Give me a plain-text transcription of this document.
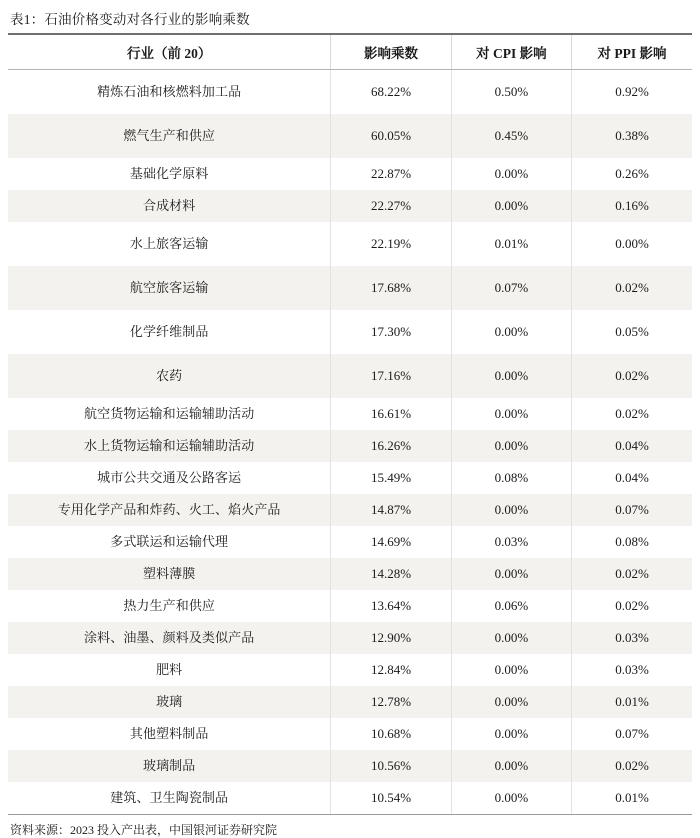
表1：石油价格变动对各行业的影响乘数
行业（前 20）	影响乘数	对 CPI 影响	对 PPI 影响
精炼石油和核燃料加工品	68.22%	0.50%	0.92%
燃气生产和供应	60.05%	0.45%	0.38%
基础化学原料	22.87%	0.00%	0.26%
合成材料	22.27%	0.00%	0.16%
水上旅客运输	22.19%	0.01%	0.00%
航空旅客运输	17.68%	0.07%	0.02%
化学纤维制品	17.30%	0.00%	0.05%
农药	17.16%	0.00%	0.02%
航空货物运输和运输辅助活动	16.61%	0.00%	0.02%
水上货物运输和运输辅助活动	16.26%	0.00%	0.04%
城市公共交通及公路客运	15.49%	0.08%	0.04%
专用化学产品和炸药、火工、焰火产品	14.87%	0.00%	0.07%
多式联运和运输代理	14.69%	0.03%	0.08%
塑料薄膜	14.28%	0.00%	0.02%
热力生产和供应	13.64%	0.06%	0.02%
涂料、油墨、颜料及类似产品	12.90%	0.00%	0.03%
肥料	12.84%	0.00%	0.03%
玻璃	12.78%	0.00%	0.01%
其他塑料制品	10.68%	0.00%	0.07%
玻璃制品	10.56%	0.00%	0.02%
建筑、卫生陶瓷制品	10.54%	0.00%	0.01%
资料来源：2023 投入产出表，中国银河证券研究院
